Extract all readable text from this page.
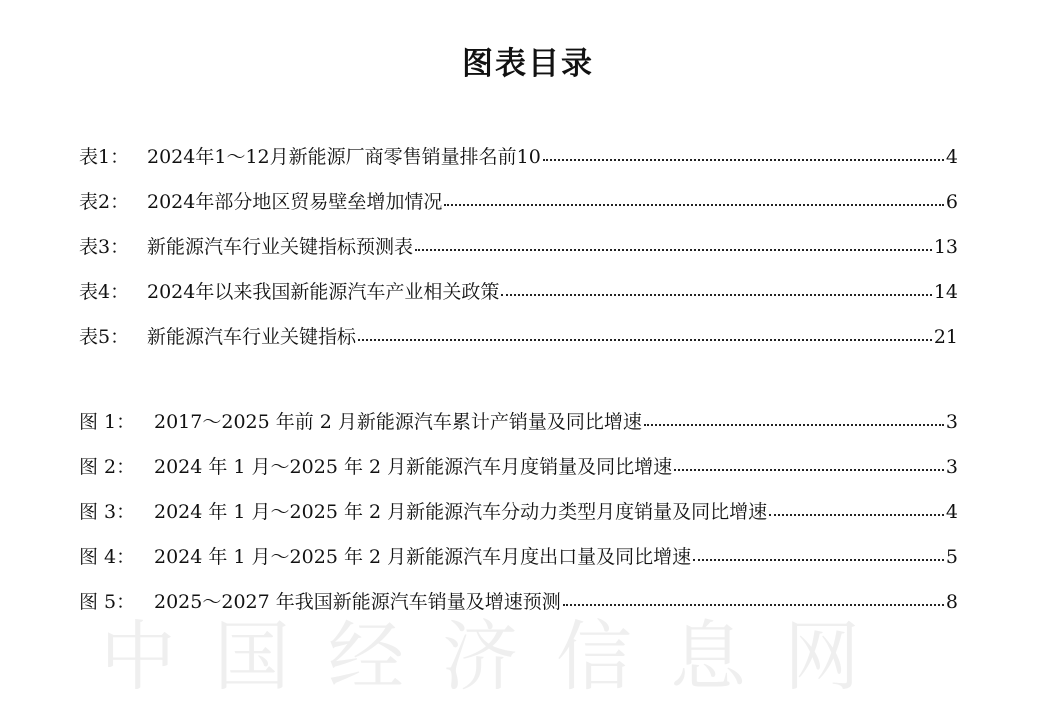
中国经济信息网
图表目录
表1： 2024年1～12月新能源厂商零售销量排名前10	4
表2： 2024年部分地区贸易壁垒增加情况	6
表3： 新能源汽车行业关键指标预测表	13
表4： 2024年以来我国新能源汽车产业相关政策	14
表5： 新能源汽车行业关键指标	21
图 1： 2017～2025 年前 2 月新能源汽车累计产销量及同比增速	3
图 2： 2024 年 1 月～2025 年 2 月新能源汽车月度销量及同比增速	3
图 3： 2024 年 1 月～2025 年 2 月新能源汽车分动力类型月度销量及同比增速	4
图 4： 2024 年 1 月～2025 年 2 月新能源汽车月度出口量及同比增速	5
图 5： 2025～2027 年我国新能源汽车销量及增速预测	8
